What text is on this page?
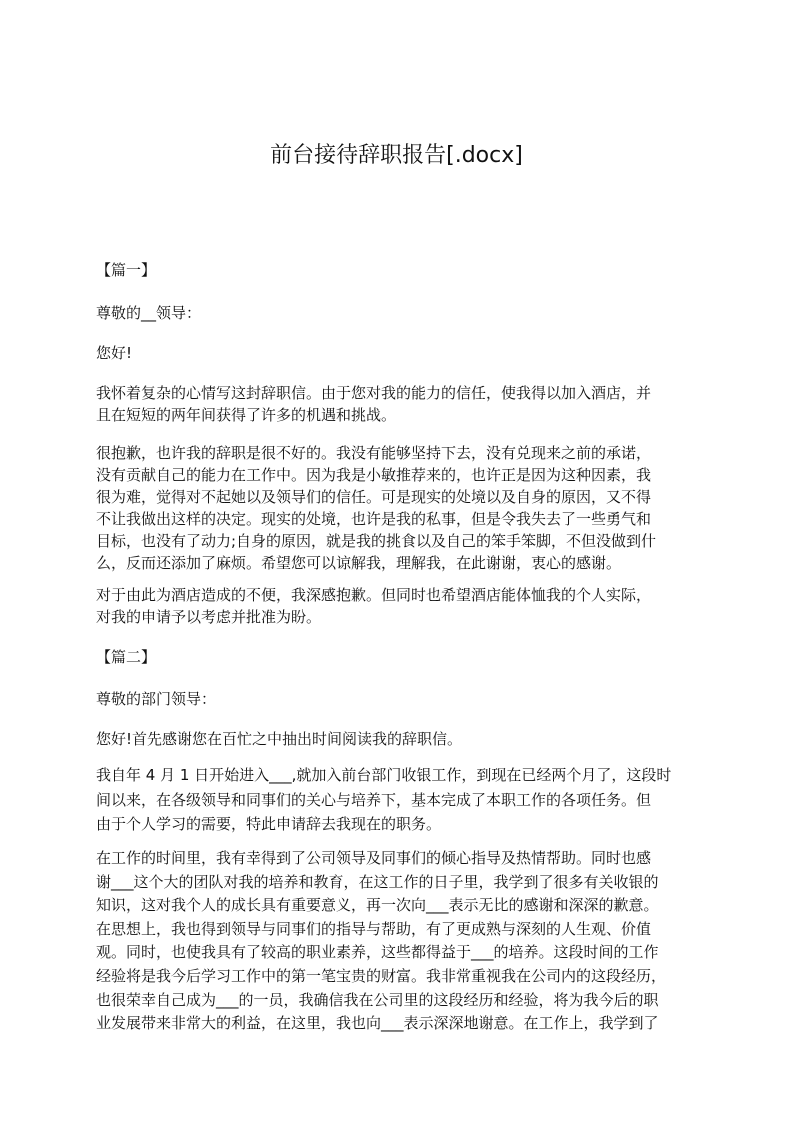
前台接待辞职报告[.docx]
【篇一】
尊敬的__领导：
您好!
我怀着复杂的心情写这封辞职信。由于您对我的能力的信任，使我得以加入酒店，并
且在短短的两年间获得了许多的机遇和挑战。
很抱歉，也许我的辞职是很不好的。我没有能够坚持下去，没有兑现来之前的承诺，
没有贡献自己的能力在工作中。因为我是小敏推荐来的，也许正是因为这种因素，我
很为难，觉得对不起她以及领导们的信任。可是现实的处境以及自身的原因，又不得
不让我做出这样的决定。现实的处境，也许是我的私事，但是令我失去了一些勇气和
目标，也没有了动力;自身的原因，就是我的挑食以及自己的笨手笨脚，不但没做到什
么，反而还添加了麻烦。希望您可以谅解我，理解我，在此谢谢，衷心的感谢。
对于由此为酒店造成的不便，我深感抱歉。但同时也希望酒店能体恤我的个人实际，
对我的申请予以考虑并批准为盼。
【篇二】
尊敬的部门领导：
您好!首先感谢您在百忙之中抽出时间阅读我的辞职信。
我自年 4 月 1 日开始进入___,就加入前台部门收银工作，到现在已经两个月了，这段时
间以来，在各级领导和同事们的关心与培养下，基本完成了本职工作的各项任务。但
由于个人学习的需要，特此申请辞去我现在的职务。
在工作的时间里，我有幸得到了公司领导及同事们的倾心指导及热情帮助。同时也感
谢___这个大的团队对我的培养和教育，在这工作的日子里，我学到了很多有关收银的
知识，这对我个人的成长具有重要意义，再一次向___表示无比的感谢和深深的歉意。
在思想上，我也得到领导与同事们的指导与帮助，有了更成熟与深刻的人生观、价值
观。同时，也使我具有了较高的职业素养，这些都得益于___的培养。这段时间的工作
经验将是我今后学习工作中的第一笔宝贵的财富。我非常重视我在公司内的这段经历，
也很荣幸自己成为___的一员，我确信我在公司里的这段经历和经验，将为我今后的职
业发展带来非常大的利益，在这里，我也向___表示深深地谢意。在工作上，我学到了
